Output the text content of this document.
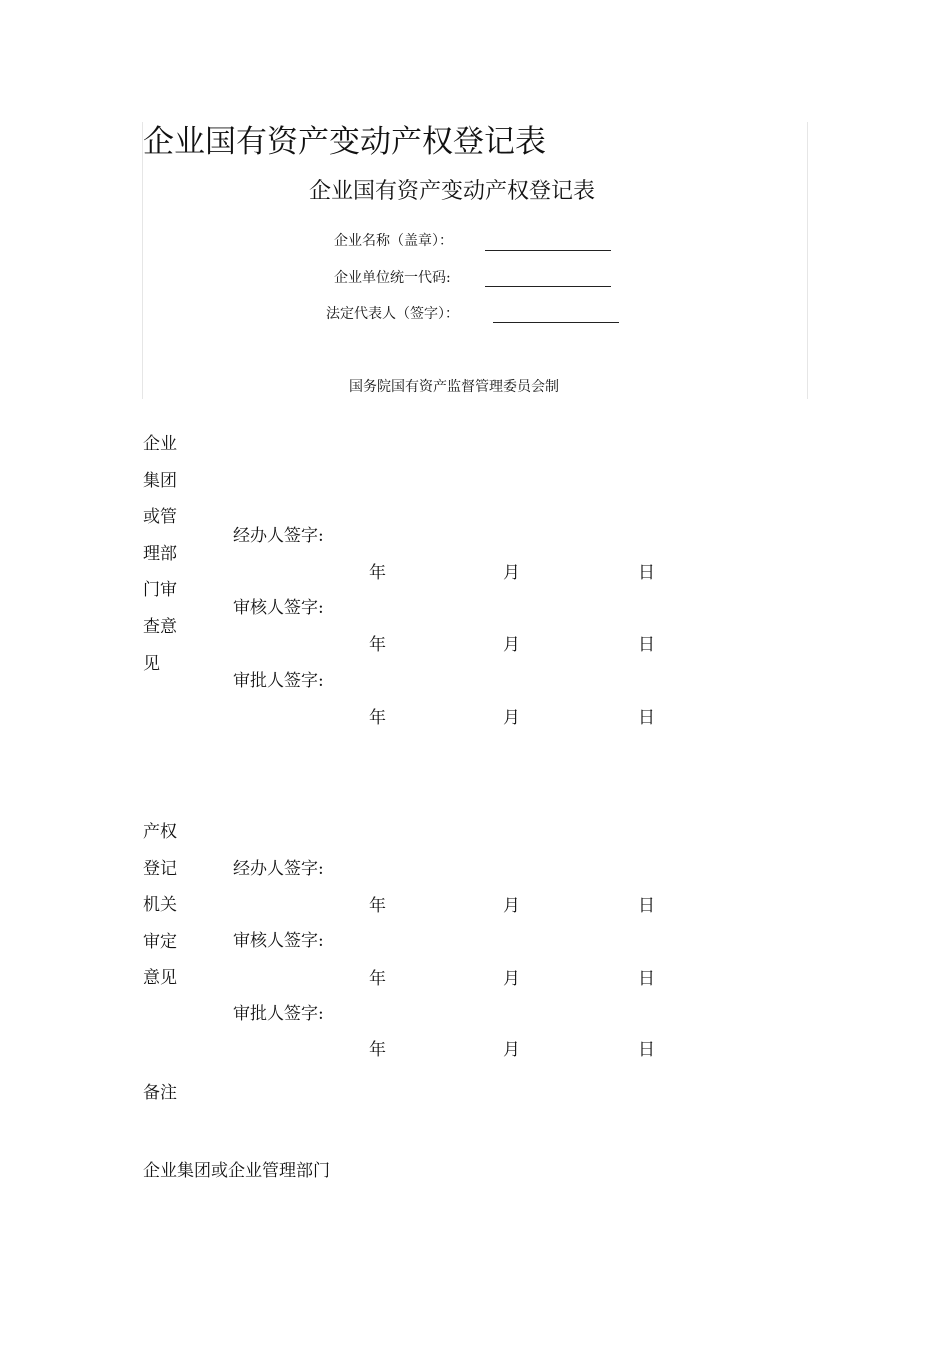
企业国有资产变动产权登记表
企业国有资产变动产权登记表
企业名称（盖章）：
企业单位统一代码:
法定代表人（签字）：
国务院国有资产监督管理委员会制
企业集团或管理部门审查意见
经办人签字:
年	月	日
审核人签字:
年	月	日
审批人签字:
年	月	日
产权登记机关审定意见
经办人签字:
年	月	日
审核人签字:
年	月	日
审批人签字:
年	月	日
备注
企业集团或企业管理部门
